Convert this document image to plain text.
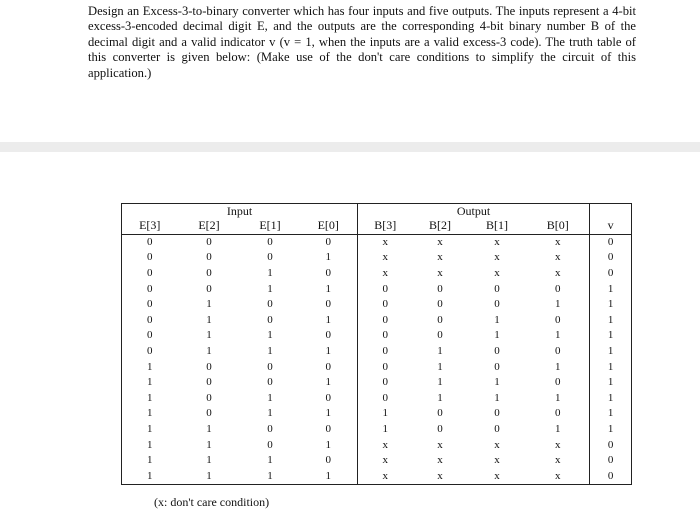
Design an Excess-3-to-binary converter which has four inputs and five outputs. The inputs represent a 4-bit excess-3-encoded decimal digit E, and the outputs are the corresponding 4-bit binary number B of the decimal digit and a valid indicator v (v = 1, when the inputs are a valid excess-3 code). The truth table of this converter is given below: (Make use of the don't care conditions to simplify the circuit of this application.)
Input				Output				
E[3]	E[2]	E[1]	E[0]	B[3]	B[2]	B[1]	B[0]	v
0	0	0	0	x	x	x	x	0
0	0	0	1	x	x	x	x	0
0	0	1	0	x	x	x	x	0
0	0	1	1	0	0	0	0	1
0	1	0	0	0	0	0	1	1
0	1	0	1	0	0	1	0	1
0	1	1	0	0	0	1	1	1
0	1	1	1	0	1	0	0	1
1	0	0	0	0	1	0	1	1
1	0	0	1	0	1	1	0	1
1	0	1	0	0	1	1	1	1
1	0	1	1	1	0	0	0	1
1	1	0	0	1	0	0	1	1
1	1	0	1	x	x	x	x	0
1	1	1	0	x	x	x	x	0
1	1	1	1	x	x	x	x	0
(x: don't care condition)
